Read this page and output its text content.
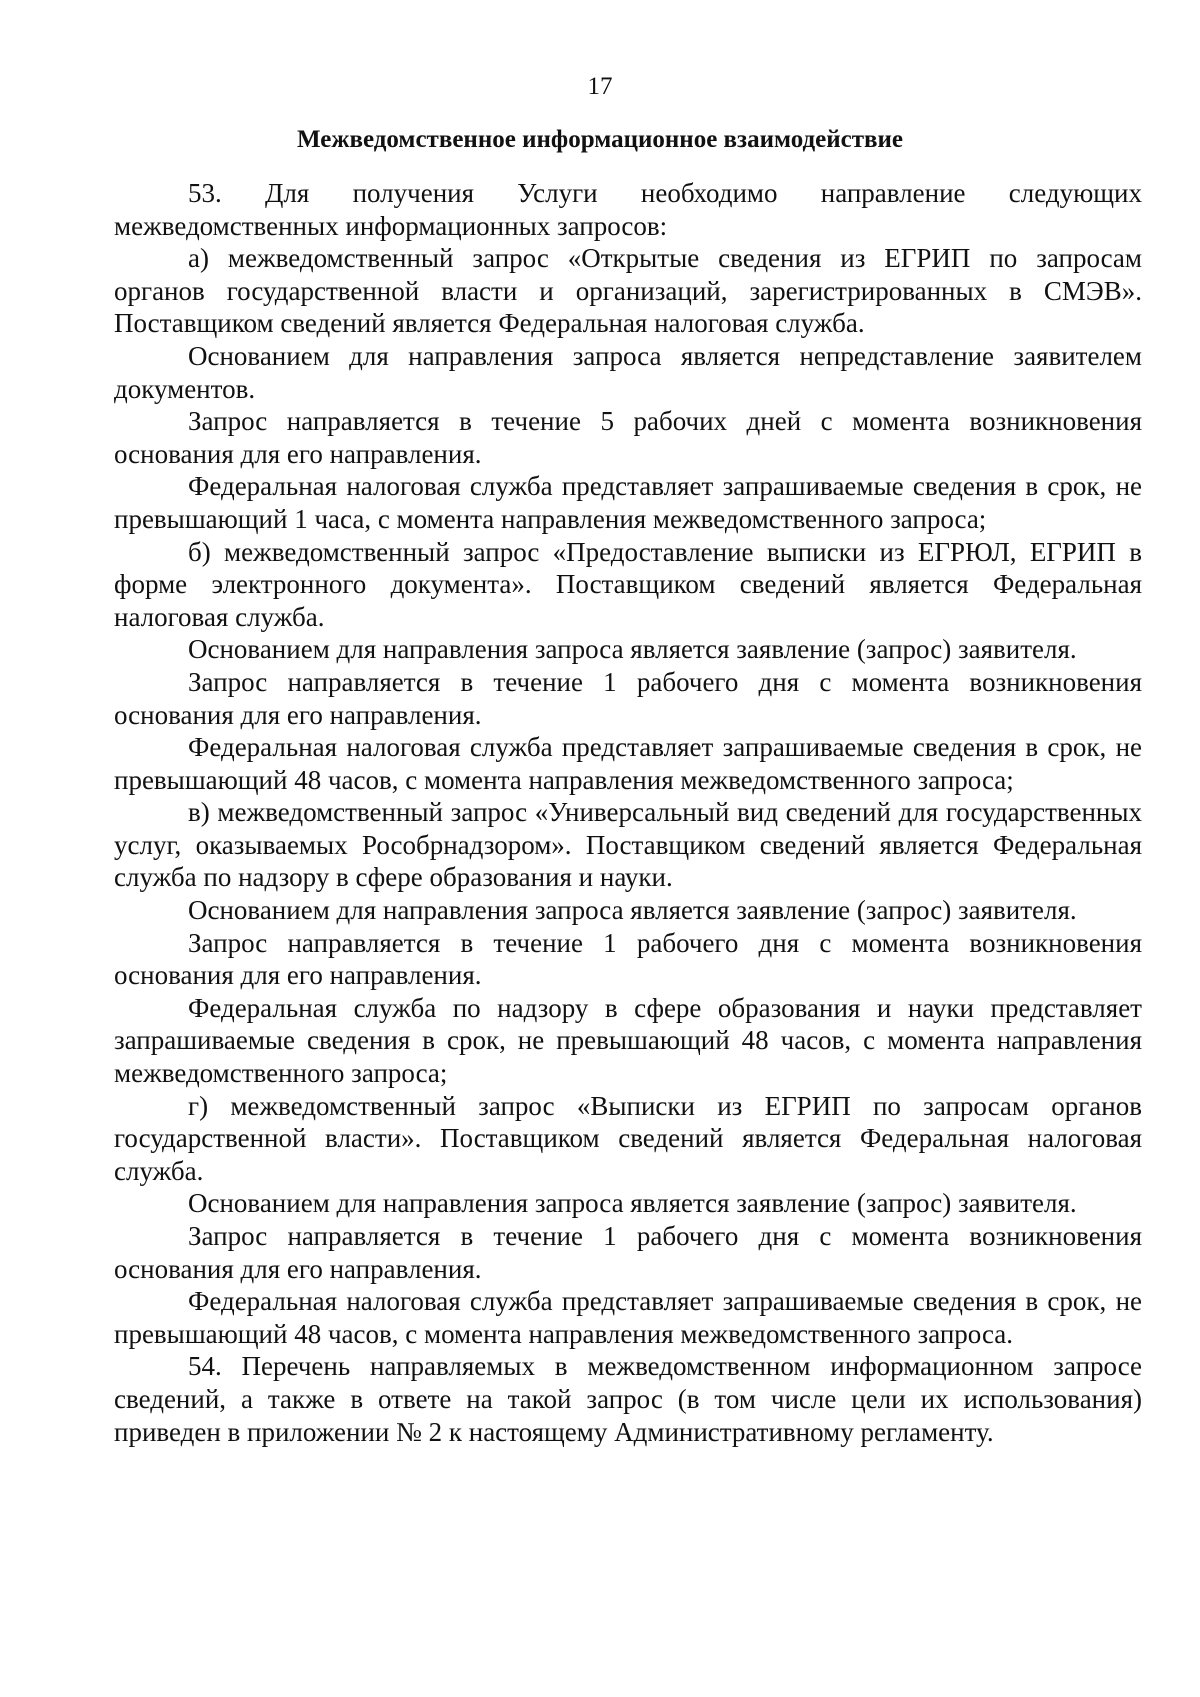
17
Межведомственное информационное взаимодействие

53. Для получения Услуги необходимо направление следующих межведомственных информационных запросов:

а) межведомственный запрос «Открытые сведения из ЕГРИП по запросам органов государственной власти и организаций, зарегистрированных в СМЭВ». Поставщиком сведений является Федеральная налоговая служба.

Основанием для направления запроса является непредставление заявителем документов.

Запрос направляется в течение 5 рабочих дней с момента возникновения основания для его направления.

Федеральная налоговая служба представляет запрашиваемые сведения в срок, не превышающий 1 часа, с момента направления межведомственного запроса;

б) межведомственный запрос «Предоставление выписки из ЕГРЮЛ, ЕГРИП в форме электронного документа». Поставщиком сведений является Федеральная налоговая служба.

Основанием для направления запроса является заявление (запрос) заявителя.

Запрос направляется в течение 1 рабочего дня с момента возникновения основания для его направления.

Федеральная налоговая служба представляет запрашиваемые сведения в срок, не превышающий 48 часов, с момента направления межведомственного запроса;

в) межведомственный запрос «Универсальный вид сведений для государственных услуг, оказываемых Рособрнадзором». Поставщиком сведений является Федеральная служба по надзору в сфере образования и науки.

Основанием для направления запроса является заявление (запрос) заявителя.

Запрос направляется в течение 1 рабочего дня с момента возникновения основания для его направления.

Федеральная служба по надзору в сфере образования и науки представляет запрашиваемые сведения в срок, не превышающий 48 часов, с момента направления межведомственного запроса;

г) межведомственный запрос «Выписки из ЕГРИП по запросам органов государственной власти». Поставщиком сведений является Федеральная налоговая служба.

Основанием для направления запроса является заявление (запрос) заявителя.

Запрос направляется в течение 1 рабочего дня с момента возникновения основания для его направления.

Федеральная налоговая служба представляет запрашиваемые сведения в срок, не превышающий 48 часов, с момента направления межведомственного запроса.

54. Перечень направляемых в межведомственном информационном запросе сведений, а также в ответе на такой запрос (в том числе цели их использования) приведен в приложении № 2 к настоящему Административному регламенту.
